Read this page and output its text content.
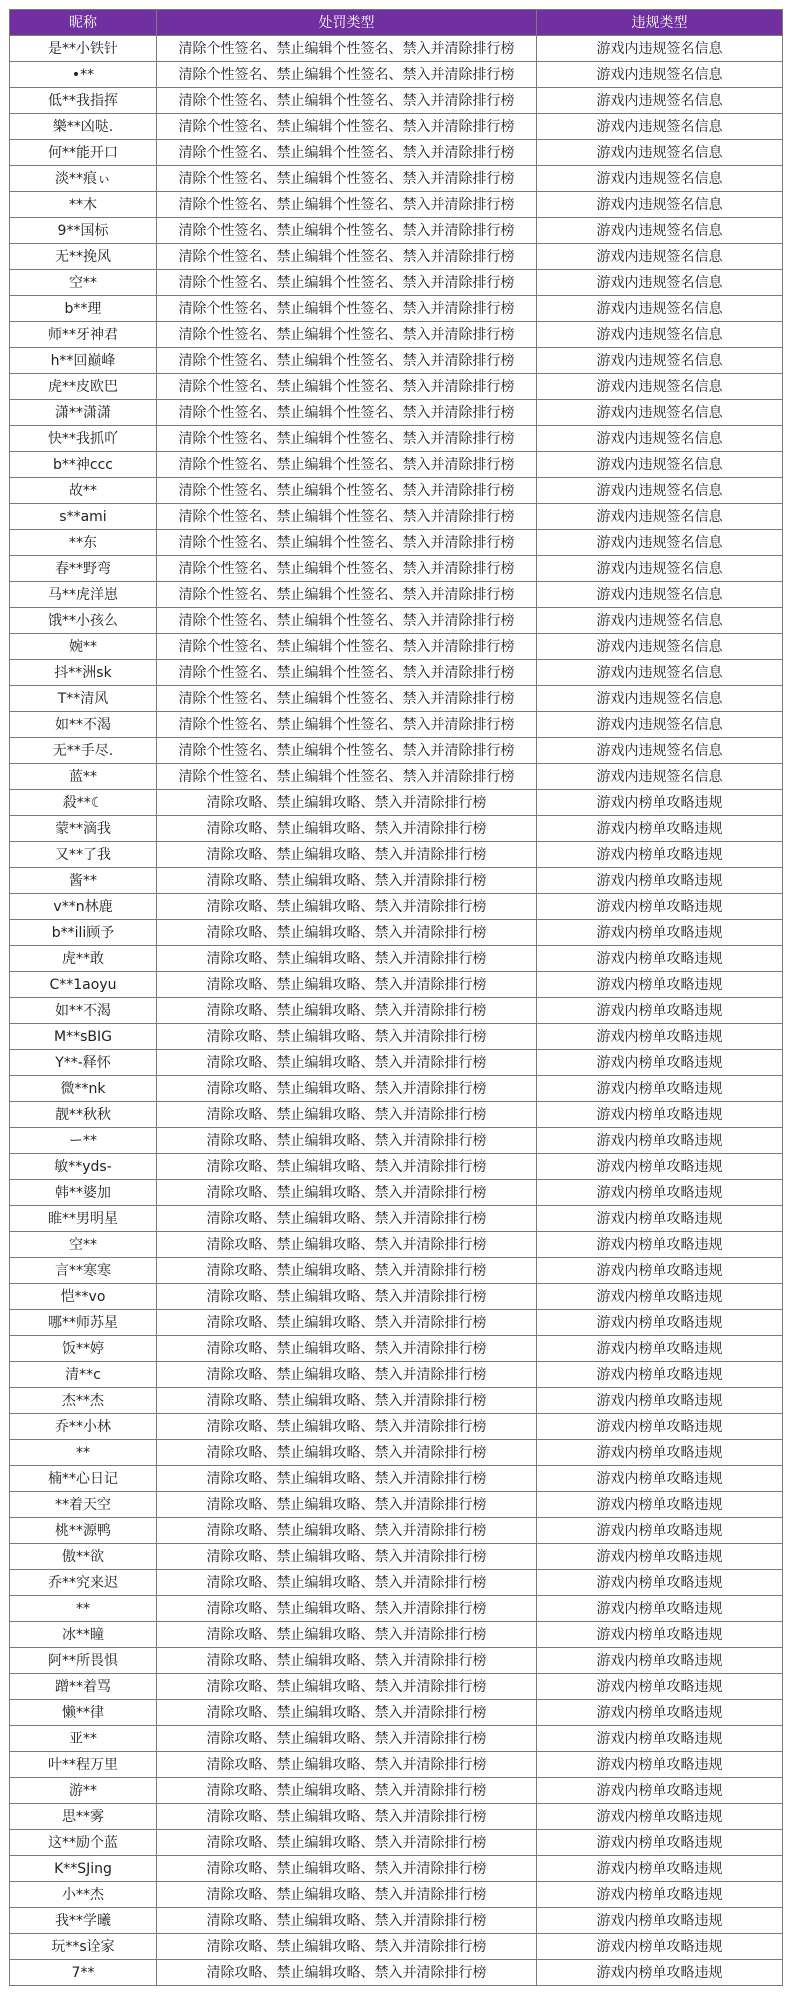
昵称	处罚类型	违规类型
是**小铁针	清除个性签名、禁止编辑个性签名、禁入并清除排行榜	游戏内违规签名信息
•**	清除个性签名、禁止编辑个性签名、禁入并清除排行榜	游戏内违规签名信息
低**我指挥	清除个性签名、禁止编辑个性签名、禁入并清除排行榜	游戏内违规签名信息
樂**凶哒.	清除个性签名、禁止编辑个性签名、禁入并清除排行榜	游戏内违规签名信息
何**能开口	清除个性签名、禁止编辑个性签名、禁入并清除排行榜	游戏内违规签名信息
淡**痕ぃ	清除个性签名、禁止编辑个性签名、禁入并清除排行榜	游戏内违规签名信息
**木	清除个性签名、禁止编辑个性签名、禁入并清除排行榜	游戏内违规签名信息
9**国标	清除个性签名、禁止编辑个性签名、禁入并清除排行榜	游戏内违规签名信息
无**挽风	清除个性签名、禁止编辑个性签名、禁入并清除排行榜	游戏内违规签名信息
空**	清除个性签名、禁止编辑个性签名、禁入并清除排行榜	游戏内违规签名信息
b**理	清除个性签名、禁止编辑个性签名、禁入并清除排行榜	游戏内违规签名信息
师**牙神君	清除个性签名、禁止编辑个性签名、禁入并清除排行榜	游戏内违规签名信息
h**回巅峰	清除个性签名、禁止编辑个性签名、禁入并清除排行榜	游戏内违规签名信息
虎**皮欧巴	清除个性签名、禁止编辑个性签名、禁入并清除排行榜	游戏内违规签名信息
潇**潇潇	清除个性签名、禁止编辑个性签名、禁入并清除排行榜	游戏内违规签名信息
快**我抓吖	清除个性签名、禁止编辑个性签名、禁入并清除排行榜	游戏内违规签名信息
b**神ccc	清除个性签名、禁止编辑个性签名、禁入并清除排行榜	游戏内违规签名信息
故**	清除个性签名、禁止编辑个性签名、禁入并清除排行榜	游戏内违规签名信息
s**ami	清除个性签名、禁止编辑个性签名、禁入并清除排行榜	游戏内违规签名信息
**东	清除个性签名、禁止编辑个性签名、禁入并清除排行榜	游戏内违规签名信息
春**野弯	清除个性签名、禁止编辑个性签名、禁入并清除排行榜	游戏内违规签名信息
马**虎洋崽	清除个性签名、禁止编辑个性签名、禁入并清除排行榜	游戏内违规签名信息
饿**小孩么	清除个性签名、禁止编辑个性签名、禁入并清除排行榜	游戏内违规签名信息
婉**	清除个性签名、禁止编辑个性签名、禁入并清除排行榜	游戏内违规签名信息
抖**洲sk	清除个性签名、禁止编辑个性签名、禁入并清除排行榜	游戏内违规签名信息
T**清风	清除个性签名、禁止编辑个性签名、禁入并清除排行榜	游戏内违规签名信息
如**不渴	清除个性签名、禁止编辑个性签名、禁入并清除排行榜	游戏内违规签名信息
无**手尽.	清除个性签名、禁止编辑个性签名、禁入并清除排行榜	游戏内违规签名信息
蓝**	清除个性签名、禁止编辑个性签名、禁入并清除排行榜	游戏内违规签名信息
殺**☾	清除攻略、禁止编辑攻略、禁入并清除排行榜	游戏内榜单攻略违规
蒙**滴我	清除攻略、禁止编辑攻略、禁入并清除排行榜	游戏内榜单攻略违规
又**了我	清除攻略、禁止编辑攻略、禁入并清除排行榜	游戏内榜单攻略违规
酱**	清除攻略、禁止编辑攻略、禁入并清除排行榜	游戏内榜单攻略违规
v**n林鹿	清除攻略、禁止编辑攻略、禁入并清除排行榜	游戏内榜单攻略违规
b**ili顾予	清除攻略、禁止编辑攻略、禁入并清除排行榜	游戏内榜单攻略违规
虎**敢	清除攻略、禁止编辑攻略、禁入并清除排行榜	游戏内榜单攻略违规
C**1aoyu	清除攻略、禁止编辑攻略、禁入并清除排行榜	游戏内榜单攻略违规
如**不渴	清除攻略、禁止编辑攻略、禁入并清除排行榜	游戏内榜单攻略违规
M**sBIG	清除攻略、禁止编辑攻略、禁入并清除排行榜	游戏内榜单攻略违规
Y**-释怀	清除攻略、禁止编辑攻略、禁入并清除排行榜	游戏内榜单攻略违规
微**nk	清除攻略、禁止编辑攻略、禁入并清除排行榜	游戏内榜单攻略违规
靓**秋秋	清除攻略、禁止编辑攻略、禁入并清除排行榜	游戏内榜单攻略违规
ー**	清除攻略、禁止编辑攻略、禁入并清除排行榜	游戏内榜单攻略违规
敏**yds-	清除攻略、禁止编辑攻略、禁入并清除排行榜	游戏内榜单攻略违规
韩**婆加	清除攻略、禁止编辑攻略、禁入并清除排行榜	游戏内榜单攻略违规
睢**男明星	清除攻略、禁止编辑攻略、禁入并清除排行榜	游戏内榜单攻略违规
空**	清除攻略、禁止编辑攻略、禁入并清除排行榜	游戏内榜单攻略违规
言**寒寒	清除攻略、禁止编辑攻略、禁入并清除排行榜	游戏内榜单攻略违规
恺**vo	清除攻略、禁止编辑攻略、禁入并清除排行榜	游戏内榜单攻略违规
哪**师苏星	清除攻略、禁止编辑攻略、禁入并清除排行榜	游戏内榜单攻略违规
饭**婷	清除攻略、禁止编辑攻略、禁入并清除排行榜	游戏内榜单攻略违规
清**c	清除攻略、禁止编辑攻略、禁入并清除排行榜	游戏内榜单攻略违规
杰**杰	清除攻略、禁止编辑攻略、禁入并清除排行榜	游戏内榜单攻略违规
乔**小林	清除攻略、禁止编辑攻略、禁入并清除排行榜	游戏内榜单攻略违规
**	清除攻略、禁止编辑攻略、禁入并清除排行榜	游戏内榜单攻略违规
楠**心日记	清除攻略、禁止编辑攻略、禁入并清除排行榜	游戏内榜单攻略违规
**着天空	清除攻略、禁止编辑攻略、禁入并清除排行榜	游戏内榜单攻略违规
桃**源鸭	清除攻略、禁止编辑攻略、禁入并清除排行榜	游戏内榜单攻略违规
傲**欲	清除攻略、禁止编辑攻略、禁入并清除排行榜	游戏内榜单攻略违规
乔**究来迟	清除攻略、禁止编辑攻略、禁入并清除排行榜	游戏内榜单攻略违规
**	清除攻略、禁止编辑攻略、禁入并清除排行榜	游戏内榜单攻略违规
冰**瞳	清除攻略、禁止编辑攻略、禁入并清除排行榜	游戏内榜单攻略违规
阿**所畏惧	清除攻略、禁止编辑攻略、禁入并清除排行榜	游戏内榜单攻略违规
蹭**着骂	清除攻略、禁止编辑攻略、禁入并清除排行榜	游戏内榜单攻略违规
懒**律	清除攻略、禁止编辑攻略、禁入并清除排行榜	游戏内榜单攻略违规
亚**	清除攻略、禁止编辑攻略、禁入并清除排行榜	游戏内榜单攻略违规
叶**程万里	清除攻略、禁止编辑攻略、禁入并清除排行榜	游戏内榜单攻略违规
游**	清除攻略、禁止编辑攻略、禁入并清除排行榜	游戏内榜单攻略违规
思**雾	清除攻略、禁止编辑攻略、禁入并清除排行榜	游戏内榜单攻略违规
这**励个蓝	清除攻略、禁止编辑攻略、禁入并清除排行榜	游戏内榜单攻略违规
K**SJing	清除攻略、禁止编辑攻略、禁入并清除排行榜	游戏内榜单攻略违规
小**杰	清除攻略、禁止编辑攻略、禁入并清除排行榜	游戏内榜单攻略违规
我**学曦	清除攻略、禁止编辑攻略、禁入并清除排行榜	游戏内榜单攻略违规
玩**s诠家	清除攻略、禁止编辑攻略、禁入并清除排行榜	游戏内榜单攻略违规
7**	清除攻略、禁止编辑攻略、禁入并清除排行榜	游戏内榜单攻略违规
